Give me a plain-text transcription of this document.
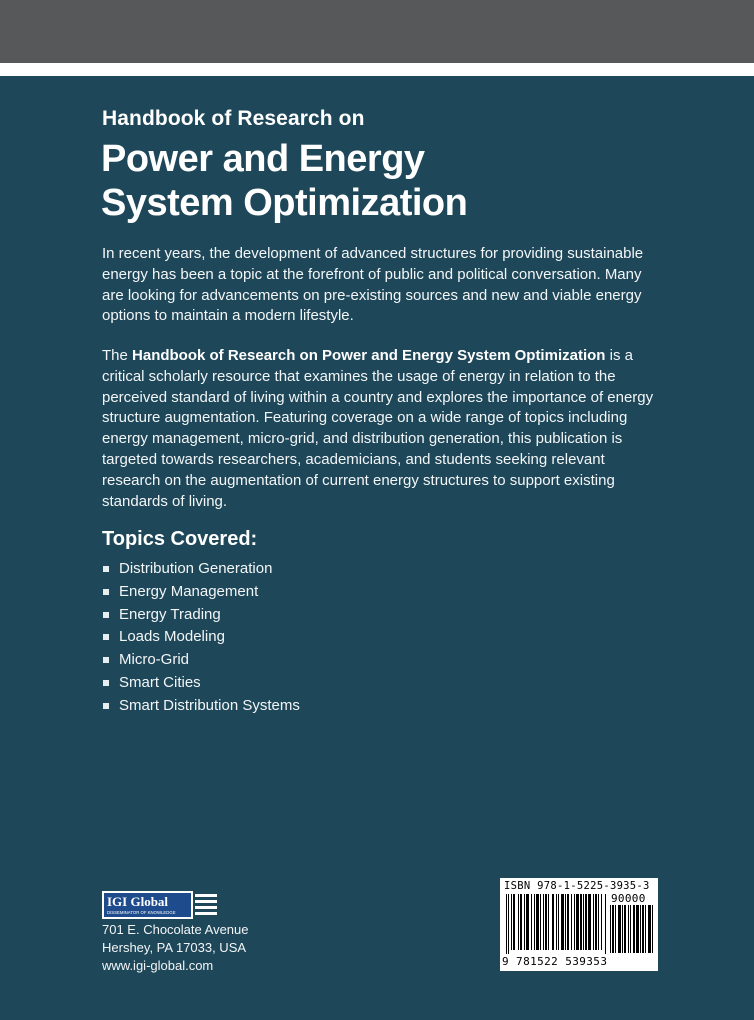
Handbook of Research on
Power and Energy
System Optimization

In recent years, the development of advanced structures for providing sustainable energy has been a topic at the forefront of public and political conversation. Many are looking for advancements on pre-existing sources and new and viable energy options to maintain a modern lifestyle.

The Handbook of Research on Power and Energy System Optimization is a critical scholarly resource that examines the usage of energy in relation to the perceived standard of living within a country and explores the importance of energy structure augmentation. Featuring coverage on a wide range of topics including energy management, micro-grid, and distribution generation, this publication is targeted towards researchers, academicians, and students seeking relevant research on the augmentation of current energy structures to support existing standards of living.

Topics Covered:
Distribution Generation
Energy Management
Energy Trading
Loads Modeling
Micro-Grid
Smart Cities
Smart Distribution Systems
IGI Global
DISSEMINATOR OF KNOWLEDGE
701 E. Chocolate Avenue
Hershey, PA 17033, USA
www.igi-global.com
ISBN 978-1-5225-3935-3
90000
9 781522 539353
